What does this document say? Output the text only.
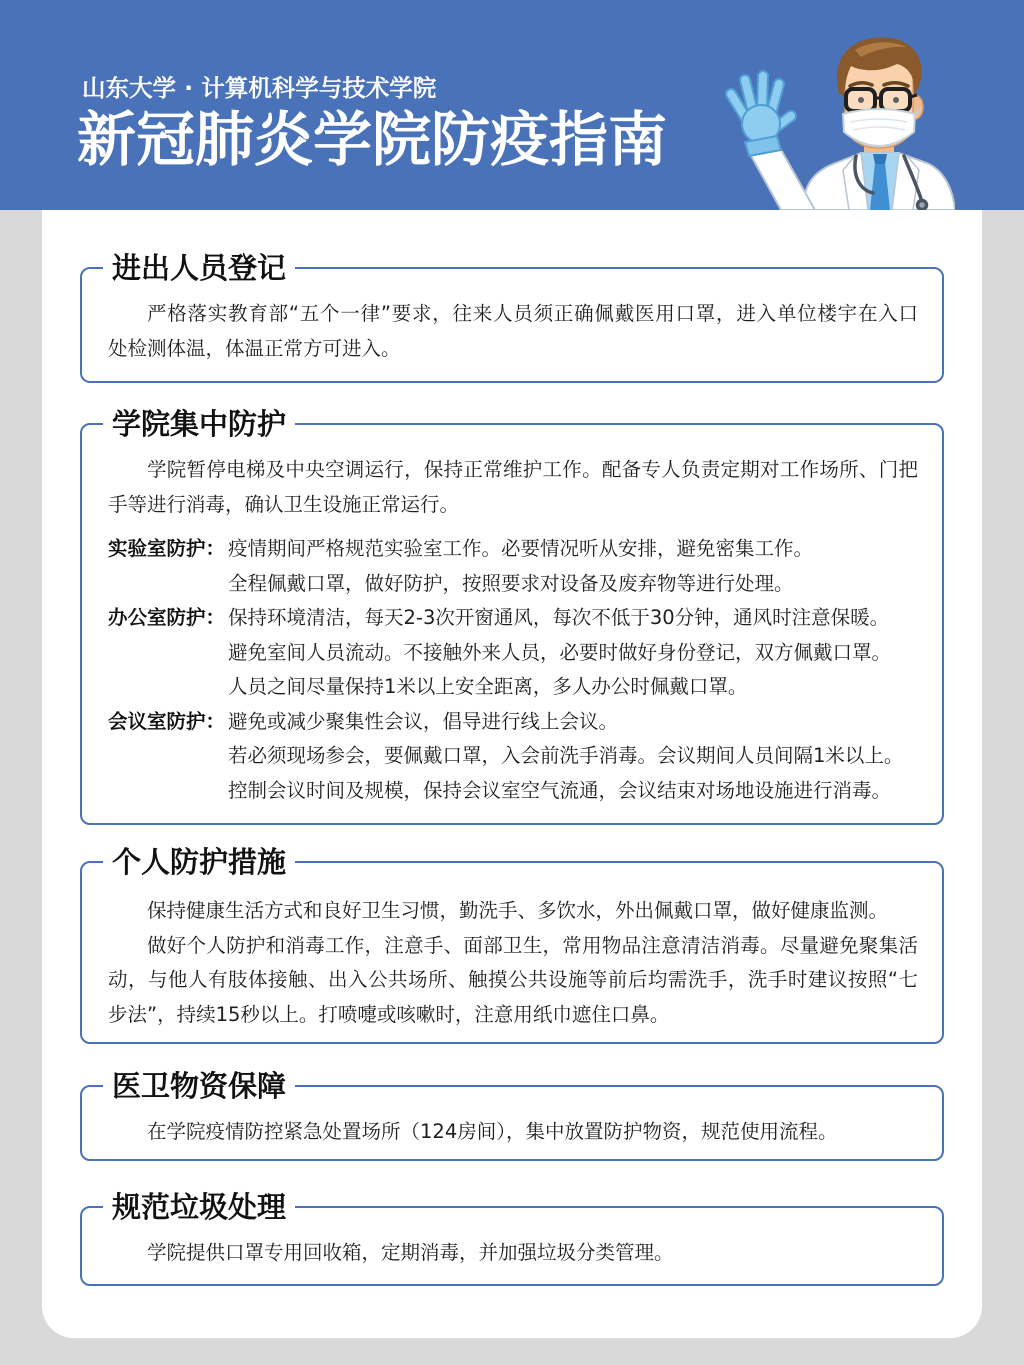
山东大学 · 计算机科学与技术学院
新冠肺炎学院防疫指南
进出人员登记
严格落实教育部“五个一律”要求，往来人员须正确佩戴医用口罩，进入单位楼宇在入口
处检测体温，体温正常方可进入。
学院集中防护
学院暂停电梯及中央空调运行，保持正常维护工作。配备专人负责定期对工作场所、门把
手等进行消毒，确认卫生设施正常运行。
实验室防护： 疫情期间严格规范实验室工作。必要情况听从安排，避免密集工作。
全程佩戴口罩，做好防护，按照要求对设备及废弃物等进行处理。
办公室防护： 保持环境清洁，每天2-3次开窗通风，每次不低于30分钟，通风时注意保暖。
避免室间人员流动。不接触外来人员，必要时做好身份登记，双方佩戴口罩。
人员之间尽量保持1米以上安全距离，多人办公时佩戴口罩。
会议室防护： 避免或减少聚集性会议，倡导进行线上会议。
若必须现场参会，要佩戴口罩，入会前洗手消毒。会议期间人员间隔1米以上。
控制会议时间及规模，保持会议室空气流通，会议结束对场地设施进行消毒。
个人防护措施
保持健康生活方式和良好卫生习惯，勤洗手、多饮水，外出佩戴口罩，做好健康监测。
做好个人防护和消毒工作，注意手、面部卫生，常用物品注意清洁消毒。尽量避免聚集活
动，与他人有肢体接触、出入公共场所、触摸公共设施等前后均需洗手，洗手时建议按照“七
步法”，持续15秒以上。打喷嚏或咳嗽时，注意用纸巾遮住口鼻。
医卫物资保障
在学院疫情防控紧急处置场所（124房间），集中放置防护物资，规范使用流程。
规范垃圾处理
学院提供口罩专用回收箱，定期消毒，并加强垃圾分类管理。
